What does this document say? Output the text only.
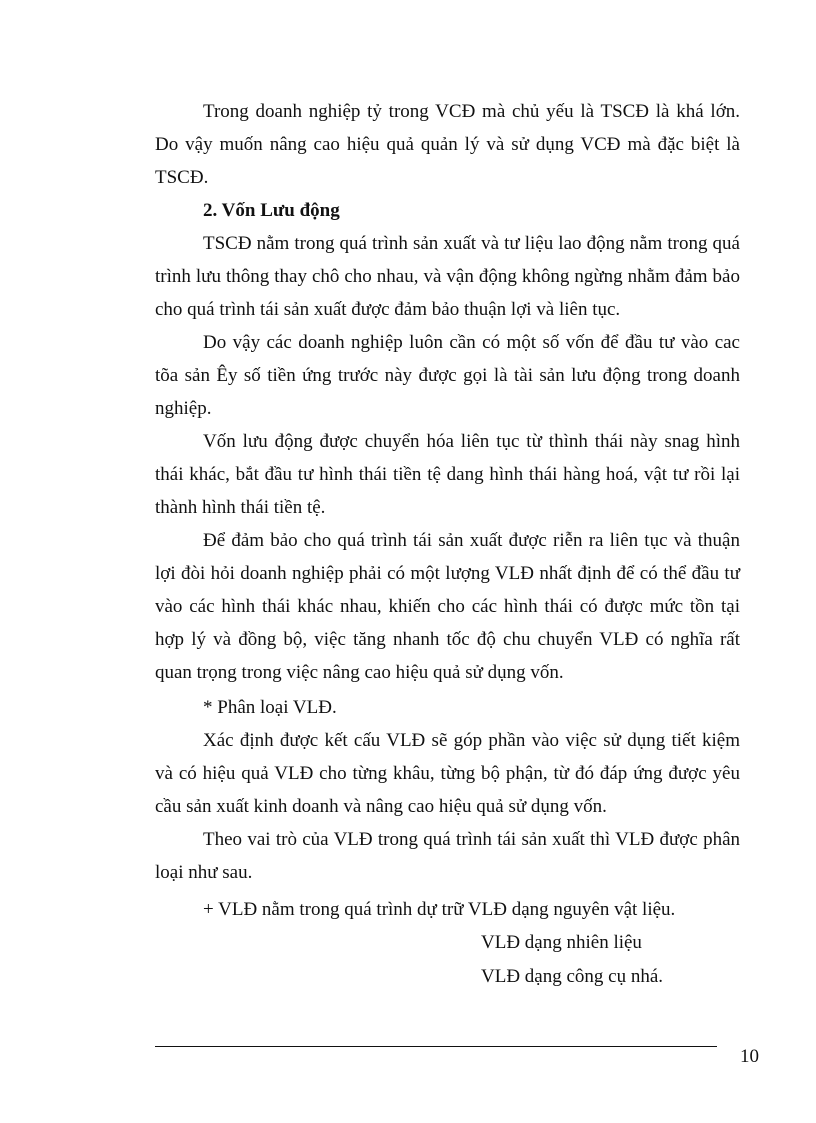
Trong doanh nghiệp tỷ trong VCĐ mà chủ yếu là TSCĐ là khá lớn. Do vậy muốn nâng cao hiệu quả quản lý và sử dụng VCĐ mà đặc biệt là TSCĐ.

2. Vốn Lưu động

TSCĐ nằm trong quá trình sản xuất và tư liệu lao động nằm trong quá trình lưu thông thay chô cho nhau, và vận động không ngừng nhằm đảm bảo cho quá trình tái sản xuất được đảm bảo thuận lợi và liên tục.

Do vậy các doanh nghiệp luôn cần có một số vốn để đầu tư vào cac tõa sản Êy số tiền ứng trước này được gọi là tài sản lưu động trong doanh nghiệp.

Vốn lưu động được chuyển hóa liên tục từ thình thái này snag hình thái khác, bắt đầu tư hình thái tiền tệ dang hình thái hàng hoá, vật tư rồi lại thành hình thái tiền tệ.

Để đảm bảo cho quá trình tái sản xuất được riễn ra liên tục và thuận lợi đòi hỏi doanh nghiệp phải có một lượng VLĐ nhất định để có thể đầu tư vào các hình thái khác nhau, khiến cho các hình thái có được mức tồn tại hợp lý và đồng bộ, việc tăng nhanh tốc độ chu chuyển VLĐ có nghĩa rất quan trọng trong việc nâng cao hiệu quả sử dụng vốn.

* Phân loại VLĐ.

Xác định được kết cấu VLĐ sẽ góp phần vào việc sử dụng tiết kiệm và có hiệu quả VLĐ cho từng khâu, từng bộ phận, từ đó đáp ứng được yêu cầu sản xuất kinh doanh và nâng cao hiệu quả sử dụng vốn.

Theo vai trò của VLĐ trong quá trình tái sản xuất thì VLĐ được phân loại như sau.

+ VLĐ nằm trong quá trình dự trữ VLĐ dạng nguyên vật liệu.

VLĐ dạng nhiên liệu

VLĐ dạng công cụ nhá.

10
